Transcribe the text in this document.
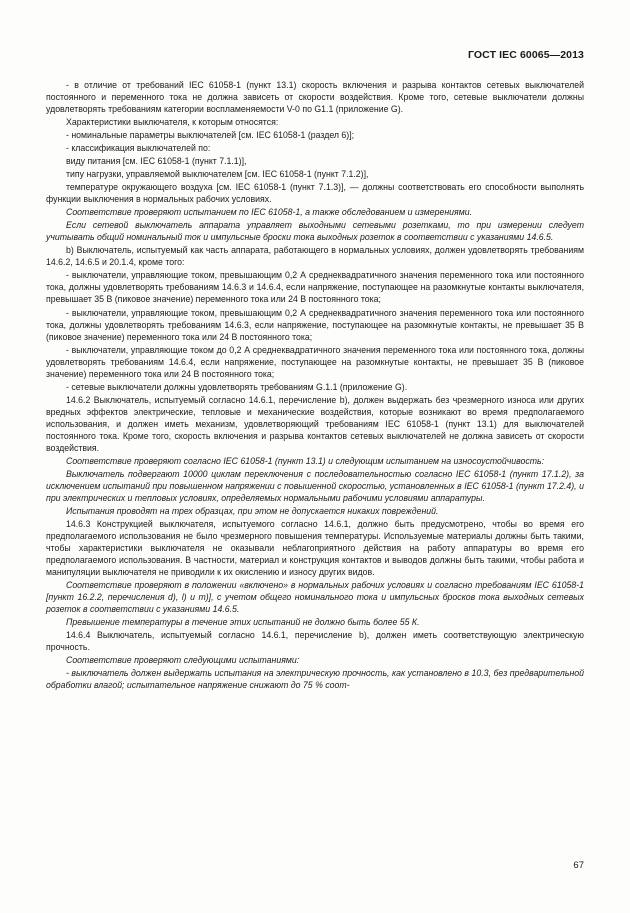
ГОСТ IEC 60065—2013

- в отличие от требований IEC 61058-1 (пункт 13.1) скорость включения и разрыва контактов сетевых выключателей постоянного и переменного тока не должна зависеть от скорости воздействия. Кроме того, сетевые выключатели должны удовлетворять требованиям категории воспламеняемости V-0 по G1.1 (приложение G).

Характеристики выключателя, к которым относятся:

- номинальные параметры выключателей [см. IEC 61058-1 (раздел 6)];

- классификация выключателей по:

виду питания [см. IEC 61058-1 (пункт 7.1.1)],

типу нагрузки, управляемой выключателем [см. IEC 61058-1 (пункт 7.1.2)],

температуре окружающего воздуха [см. IEC 61058-1 (пункт 7.1.3)], — должны соответствовать его способности выполнять функции выключения в нормальных рабочих условиях.

Соответствие проверяют испытанием по IEC 61058-1, а также обследованием и измерениями.

Если сетевой выключатель аппарата управляет выходными сетевыми розетками, то при измерении следует учитывать общий номинальный ток и импульсные броски тока выходных розеток в соответствии с указаниями 14.6.5.

b) Выключатель, испытуемый как часть аппарата, работающего в нормальных условиях, должен удовлетворять требованиям 14.6.2, 14.6.5 и 20.1.4, кроме того:

- выключатели, управляющие током, превышающим 0,2 А среднеквадратичного значения переменного тока или постоянного тока, должны удовлетворять требованиям 14.6.3 и 14.6.4, если напряжение, поступающее на разомкнутые контакты выключателя, превышает 35 В (пиковое значение) переменного тока или 24 В постоянного тока;

- выключатели, управляющие током, превышающим 0,2 А среднеквадратичного значения переменного тока или постоянного тока, должны удовлетворять требованиям 14.6.3, если напряжение, поступающее на разомкнутые контакты, не превышает 35 В (пиковое значение) переменного тока или 24 В постоянного тока;

- выключатели, управляющие током до 0,2 А среднеквадратичного значения переменного тока или постоянного тока, должны удовлетворять требованиям 14.6.4, если напряжение, поступающее на разомкнутые контакты, не превышает 35 В (пиковое значение) переменного тока или 24 В постоянного тока;

- сетевые выключатели должны удовлетворять требованиям G.1.1 (приложение G).

14.6.2 Выключатель, испытуемый согласно 14.6.1, перечисление b), должен выдержать без чрезмерного износа или других вредных эффектов электрические, тепловые и механические воздействия, которые возникают во время предполагаемого использования, и должен иметь механизм, удовлетворяющий требованиям IEC 61058-1 (пункт 13.1) для выключателей постоянного тока. Кроме того, скорость включения и разрыва контактов сетевых выключателей не должна зависеть от скорости воздействия.

Соответствие проверяют согласно IEC 61058-1 (пункт 13.1) и следующим испытанием на износоустойчивость:

Выключатель подвергают 10000 циклам переключения с последовательностью согласно IEC 61058-1 (пункт 17.1.2), за исключением испытаний при повышенном напряжении с повышенной скоростью, установленных в IEC 61058-1 (пункт 17.2.4), и при электрических и тепловых условиях, определяемых нормальными рабочими условиями аппаратуры.

Испытания проводят на трех образцах, при этом не допускается никаких повреждений.

14.6.3 Конструкцией выключателя, испытуемого согласно 14.6.1, должно быть предусмотрено, чтобы во время его предполагаемого использования не было чрезмерного повышения температуры. Используемые материалы должны быть такими, чтобы характеристики выключателя не оказывали неблагоприятного действия на работу аппаратуры во время его предполагаемого использования. В частности, материал и конструкция контактов и выводов должны быть такими, чтобы работа и манипуляции выключателя не приводили к их окислению и износу других видов.

Соответствие проверяют в положении «включено» в нормальных рабочих условиях и согласно требованиям IEC 61058-1 [пункт 16.2.2, перечисления d), l) и m)], с учетом общего номинального тока и импульсных бросков тока выходных сетевых розеток в соответствии с указаниями 14.6.5.

Превышение температуры в течение этих испытаний не должно быть более 55 К.

14.6.4 Выключатель, испытуемый согласно 14.6.1, перечисление b), должен иметь соответствующую электрическую прочность.

Соответствие проверяют следующими испытаниями:

- выключатель должен выдержать испытания на электрическую прочность, как установлено в 10.3, без предварительной обработки влагой; испытательное напряжение снижают до 75 % соот-

67
